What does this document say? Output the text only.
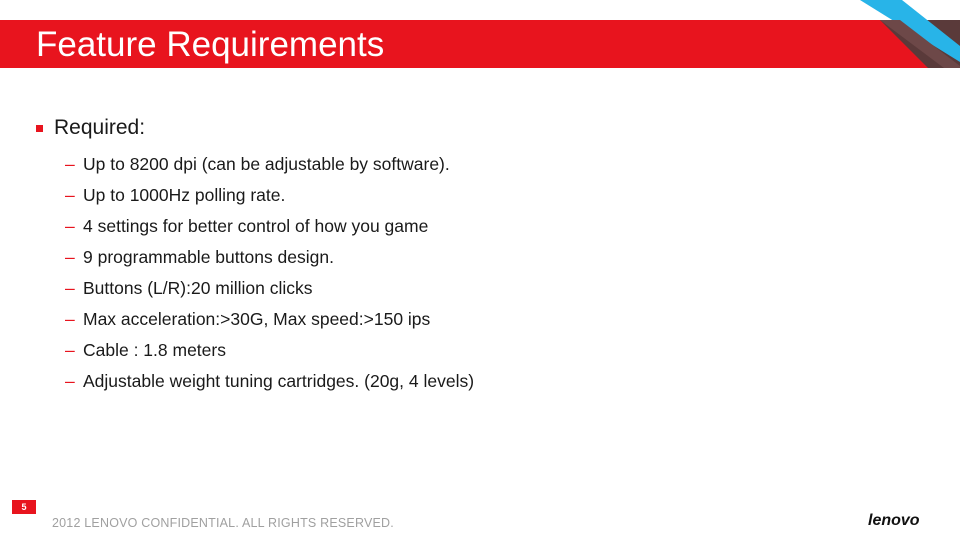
Feature Requirements
Required:
– Up to 8200 dpi (can be adjustable by software).
– Up to 1000Hz polling rate.
– 4 settings for better control of how you game
– 9 programmable buttons design.
– Buttons (L/R):20 million clicks
– Max acceleration:>30G, Max speed:>150 ips
– Cable : 1.8 meters
– Adjustable weight tuning cartridges. (20g, 4 levels)
5
2012 LENOVO CONFIDENTIAL. ALL RIGHTS RESERVED.	lenovo
